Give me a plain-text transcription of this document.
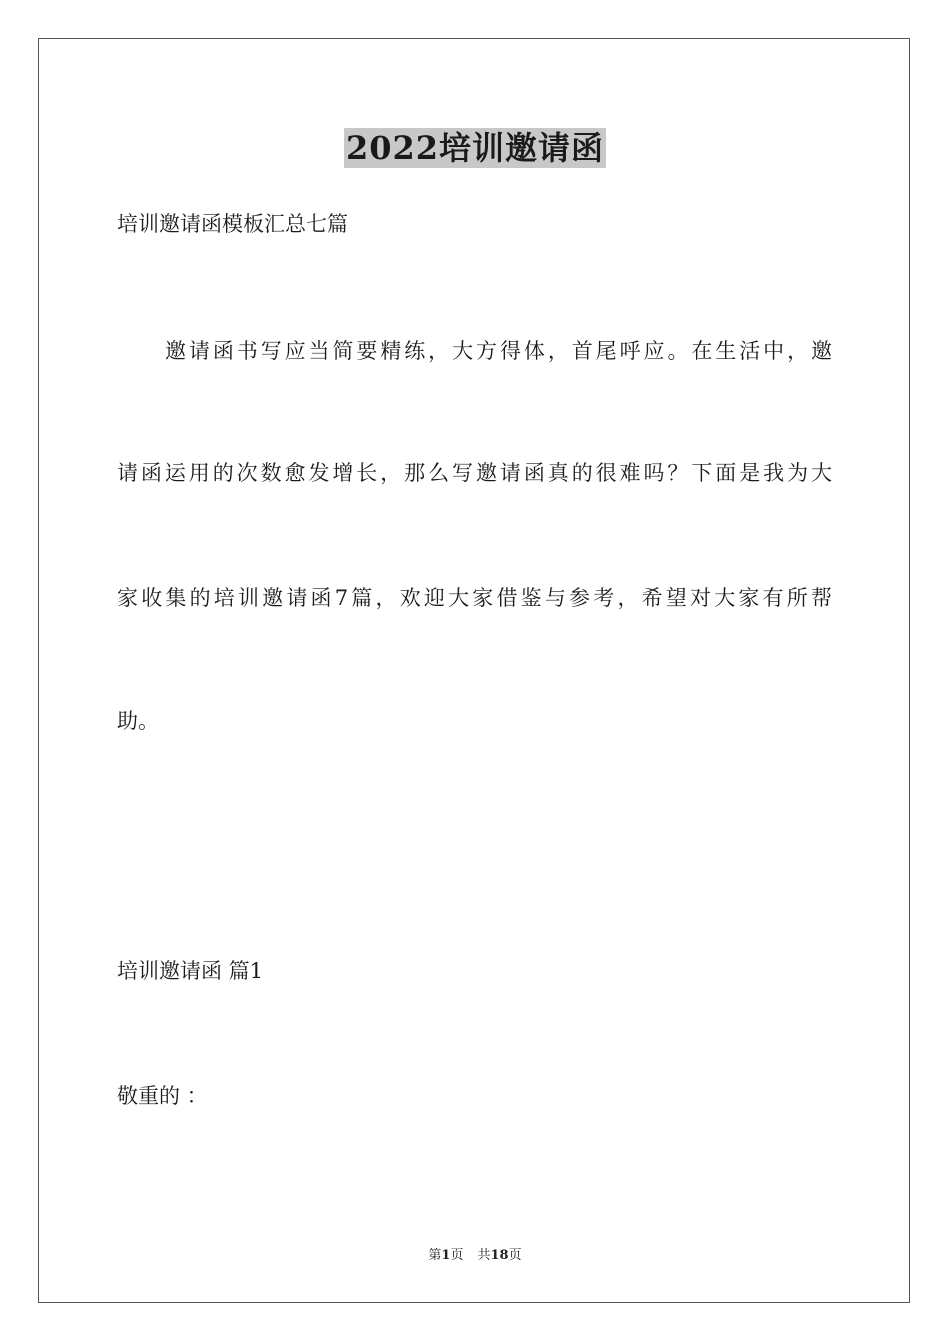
2022培训邀请函
培训邀请函模板汇总七篇
邀请函书写应当简要精练，大方得体，首尾呼应。在生活中，邀
请函运用的次数愈发增长，那么写邀请函真的很难吗？下面是我为大
家收集的培训邀请函7篇，欢迎大家借鉴与参考，希望对大家有所帮
助。
培训邀请函 篇1
敬重的 ：
第1页 共18页
